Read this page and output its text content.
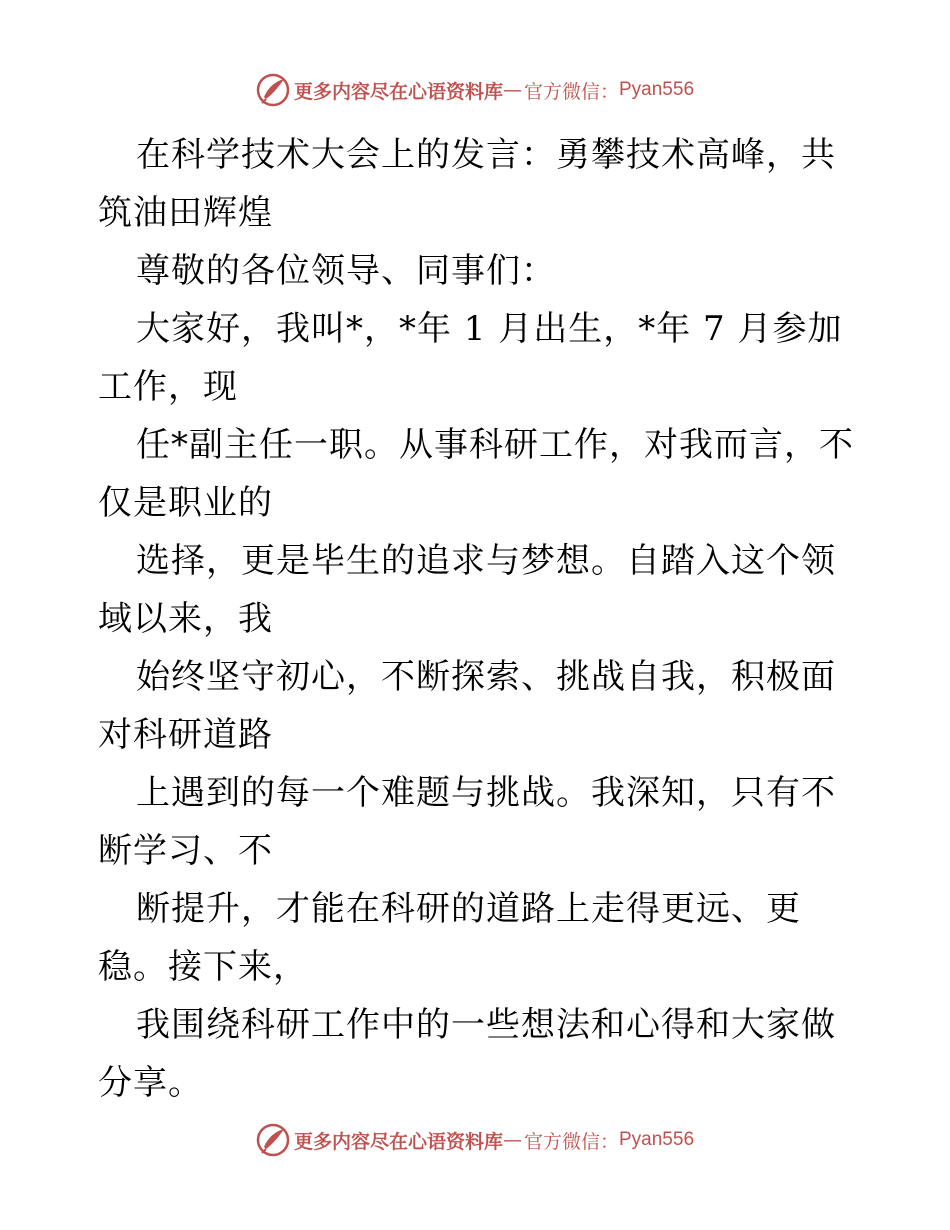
更多内容尽在心语资料库 — 官方微信： Pyan556

在科学技术大会上的发言：勇攀技术高峰，共筑油田辉煌

尊敬的各位领导、同事们：

大家好，我叫*，*年 1 月出生，*年 7 月参加工作，现

任*副主任一职。从事科研工作，对我而言，不仅是职业的

选择，更是毕生的追求与梦想。自踏入这个领域以来，我

始终坚守初心，不断探索、挑战自我，积极面对科研道路

上遇到的每一个难题与挑战。我深知，只有不断学习、不

断提升，才能在科研的道路上走得更远、更稳。接下来，

我围绕科研工作中的一些想法和心得和大家做分享。

更多内容尽在心语资料库 — 官方微信： Pyan556
